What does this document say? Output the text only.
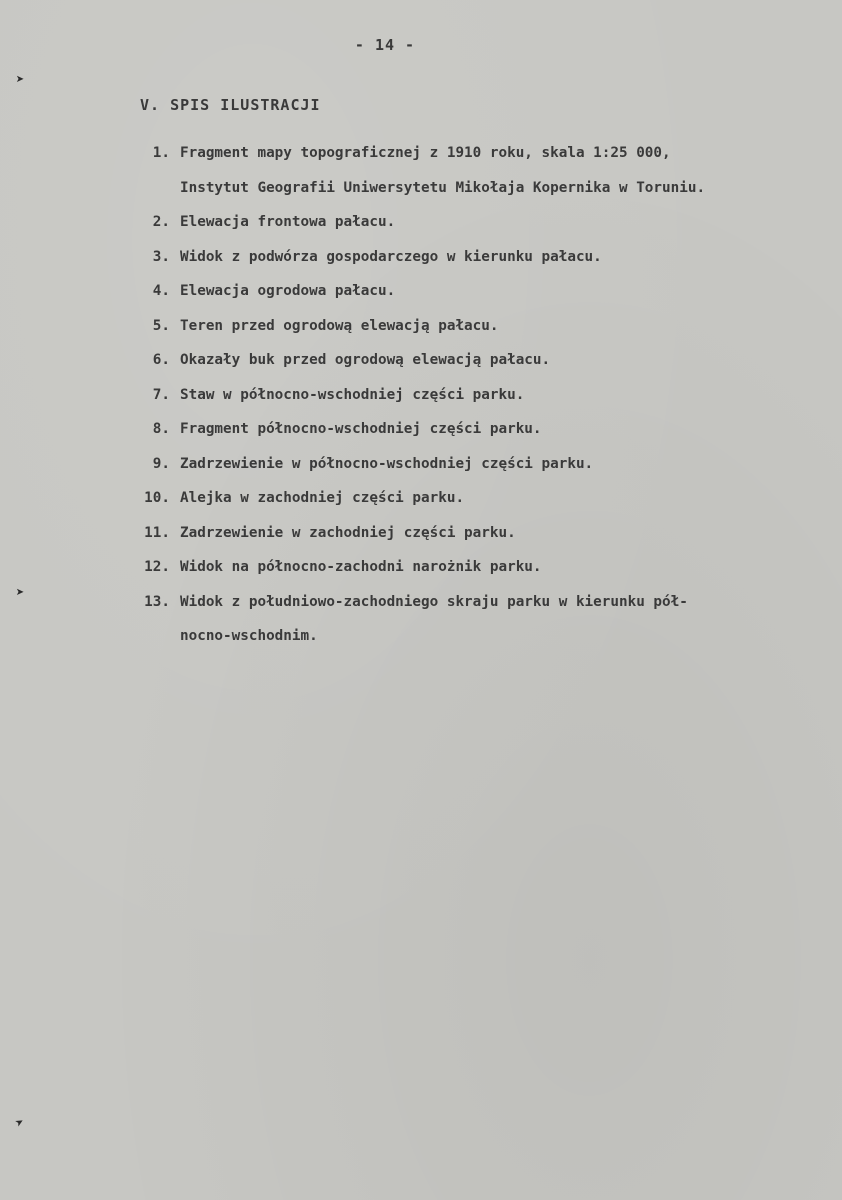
- 14 -
V. SPIS ILUSTRACJI
1. Fragment mapy topograficznej z 1910 roku, skala 1:25 000,
Instytut Geografii Uniwersytetu Mikołaja Kopernika w Toruniu.
2. Elewacja frontowa pałacu.
3. Widok z podwórza gospodarczego w kierunku pałacu.
4. Elewacja ogrodowa pałacu.
5. Teren przed ogrodową elewacją pałacu.
6. Okazały buk przed ogrodową elewacją pałacu.
7. Staw w północno-wschodniej części parku.
8. Fragment północno-wschodniej części parku.
9. Zadrzewienie w północno-wschodniej części parku.
10. Alejka w zachodniej części parku.
11. Zadrzewienie w zachodniej części parku.
12. Widok na północno-zachodni narożnik parku.
13. Widok z południowo-zachodniego skraju parku w kierunku pół-
nocno-wschodnim.
➤
➤
➤
